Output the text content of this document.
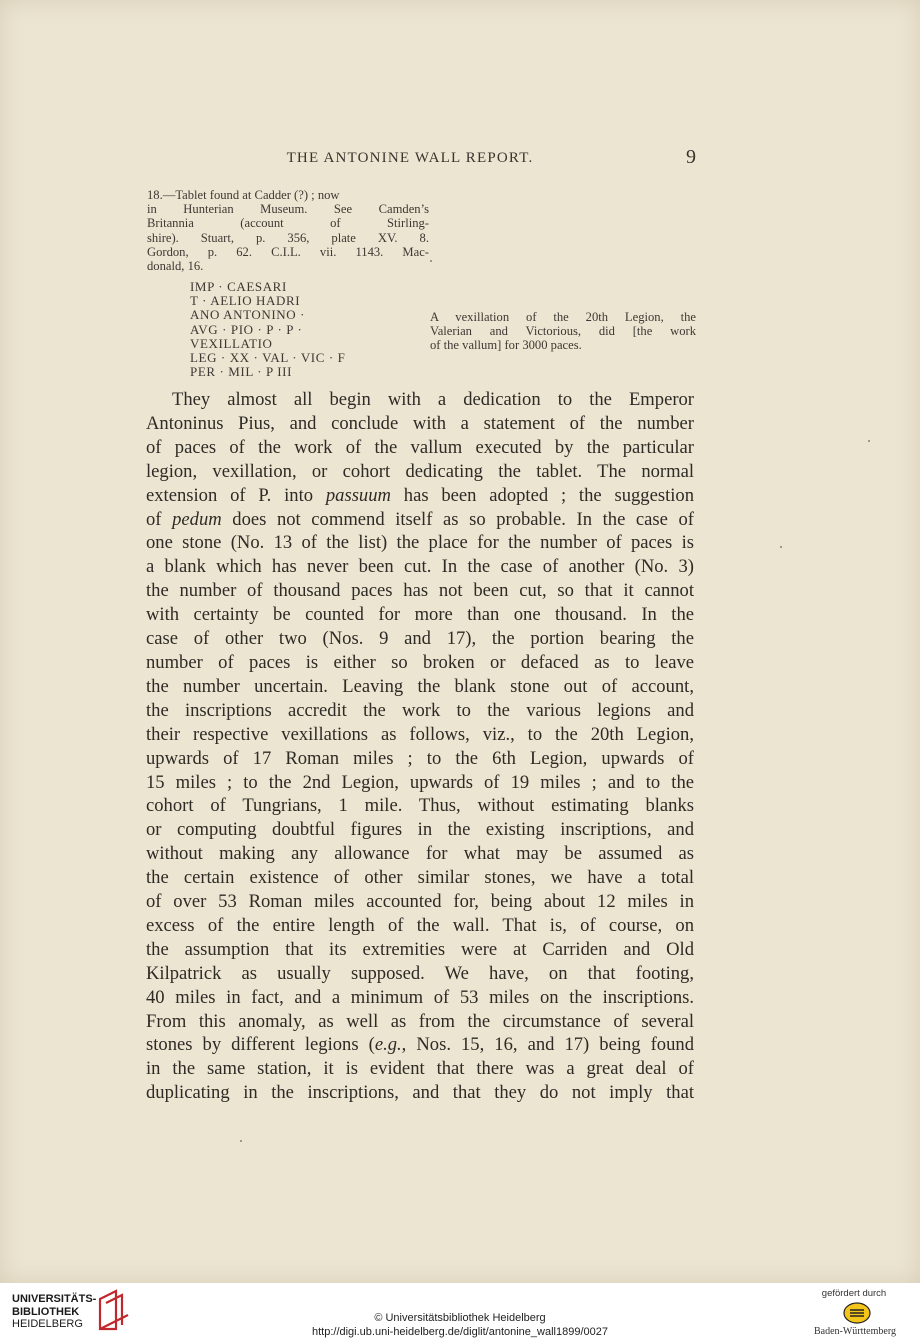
THE ANTONINE WALL REPORT.	9
18.—Tablet found at Cadder (?) ; now
in Hunterian Museum. See Camden’s
Britannia (account of Stirling-
shire). Stuart, p. 356, plate XV. 8.
Gordon, p. 62. C.I.L. vii. 1143. Mac-
donald, 16.
IMP · CAESARI
T · AELIO HADRI
ANO ANTONINO ·
AVG · PIO · P · P ·
VEXILLATIO
LEG · XX · VAL · VIC · F
PER · MIL · P III
A vexillation of the 20th Legion, the
Valerian and Victorious, did [the work
of the vallum] for 3000 paces.
They almost all begin with a dedication to the Emperor
Antoninus Pius, and conclude with a statement of the number
of paces of the work of the vallum executed by the particular
legion, vexillation, or cohort dedicating the tablet. The normal
extension of P. into passuum has been adopted ; the suggestion
of pedum does not commend itself as so probable. In the case of
one stone (No. 13 of the list) the place for the number of paces is
a blank which has never been cut. In the case of another (No. 3)
the number of thousand paces has not been cut, so that it cannot
with certainty be counted for more than one thousand. In the
case of other two (Nos. 9 and 17), the portion bearing the
number of paces is either so broken or defaced as to leave
the number uncertain. Leaving the blank stone out of account,
the inscriptions accredit the work to the various legions and
their respective vexillations as follows, viz., to the 20th Legion,
upwards of 17 Roman miles ; to the 6th Legion, upwards of
15 miles ; to the 2nd Legion, upwards of 19 miles ; and to the
cohort of Tungrians, 1 mile. Thus, without estimating blanks
or computing doubtful figures in the existing inscriptions, and
without making any allowance for what may be assumed as
the certain existence of other similar stones, we have a total
of over 53 Roman miles accounted for, being about 12 miles in
excess of the entire length of the wall. That is, of course, on
the assumption that its extremities were at Carriden and Old
Kilpatrick as usually supposed. We have, on that footing,
40 miles in fact, and a minimum of 53 miles on the inscriptions.
From this anomaly, as well as from the circumstance of several
stones by different legions (e.g., Nos. 15, 16, and 17) being found
in the same station, it is evident that there was a great deal of
duplicating in the inscriptions, and that they do not imply that
UNIVERSITÄTS-
BIBLIOTHEK
HEIDELBERG	© Universitätsbibliothek Heidelberg
http://digi.ub.uni-heidelberg.de/diglit/antonine_wall1899/0027
gefördert durch
Baden-Württemberg
